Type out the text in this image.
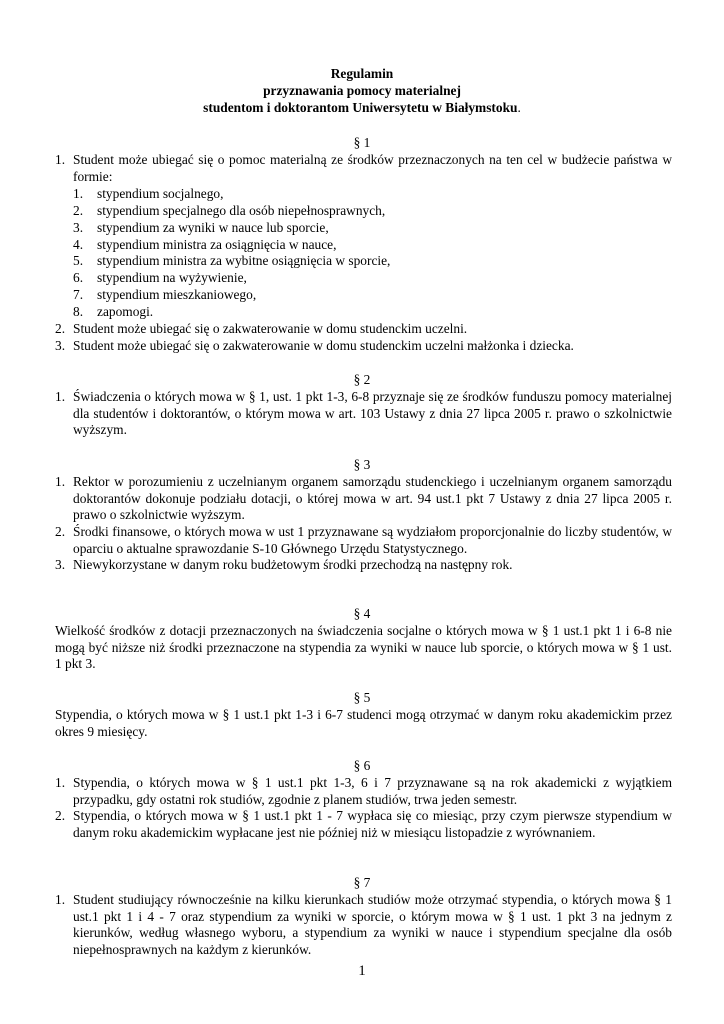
Regulamin
przyznawania pomocy materialnej
studentom i doktorantom Uniwersytetu w Białymstoku.
§ 1
1. Student może ubiegać się o pomoc materialną ze środków przeznaczonych na ten cel w budżecie państwa w formie:
1.	stypendium socjalnego,
2.	stypendium specjalnego dla osób niepełnosprawnych,
3.	stypendium za wyniki w nauce lub sporcie,
4.	stypendium ministra za osiągnięcia w nauce,
5.	stypendium ministra za wybitne osiągnięcia w sporcie,
6.	stypendium na wyżywienie,
7.	stypendium mieszkaniowego,
8.	zapomogi.
2. Student może ubiegać się o zakwaterowanie w domu studenckim uczelni.
3. Student może ubiegać się o zakwaterowanie w domu studenckim uczelni małżonka i dziecka.
§ 2
1. Świadczenia o których mowa w § 1, ust. 1 pkt 1-3, 6-8 przyznaje się ze środków funduszu pomocy materialnej dla studentów i doktorantów, o którym mowa w art. 103 Ustawy z dnia 27 lipca 2005 r. prawo o szkolnictwie wyższym.
§ 3
1. Rektor w porozumieniu z uczelnianym organem samorządu studenckiego i uczelnianym organem samorządu doktorantów dokonuje podziału dotacji, o której mowa w art. 94 ust.1 pkt 7 Ustawy z dnia 27 lipca 2005 r. prawo o szkolnictwie wyższym.
2. Środki finansowe, o których mowa w ust 1 przyznawane są wydziałom proporcjonalnie do liczby studentów, w oparciu o aktualne sprawozdanie S-10 Głównego Urzędu Statystycznego.
3. Niewykorzystane w danym roku budżetowym środki przechodzą na następny rok.
§ 4
Wielkość środków z dotacji przeznaczonych na świadczenia socjalne o których mowa w § 1 ust.1 pkt 1 i 6-8 nie mogą być niższe niż środki przeznaczone na stypendia za wyniki w nauce lub sporcie, o których mowa w § 1 ust. 1 pkt 3.
§ 5
Stypendia, o których mowa w § 1 ust.1 pkt 1-3 i 6-7 studenci mogą otrzymać w danym roku akademickim przez okres 9 miesięcy.
§ 6
1. Stypendia, o których mowa w § 1 ust.1 pkt 1-3, 6 i 7 przyznawane są na rok akademicki z wyjątkiem przypadku, gdy ostatni rok studiów, zgodnie z planem studiów, trwa jeden semestr.
2. Stypendia, o których mowa w § 1 ust.1 pkt 1 - 7 wypłaca się co miesiąc, przy czym pierwsze stypendium w danym roku akademickim wypłacane jest nie później niż w miesiącu listopadzie z wyrównaniem.
§ 7
1. Student studiujący równocześnie na kilku kierunkach studiów może otrzymać stypendia, o których mowa § 1 ust.1 pkt 1 i 4 - 7 oraz stypendium za wyniki w sporcie, o którym mowa w § 1 ust. 1 pkt 3 na jednym z kierunków, według własnego wyboru, a stypendium za wyniki w nauce i stypendium specjalne dla osób niepełnosprawnych na każdym z kierunków.
1
